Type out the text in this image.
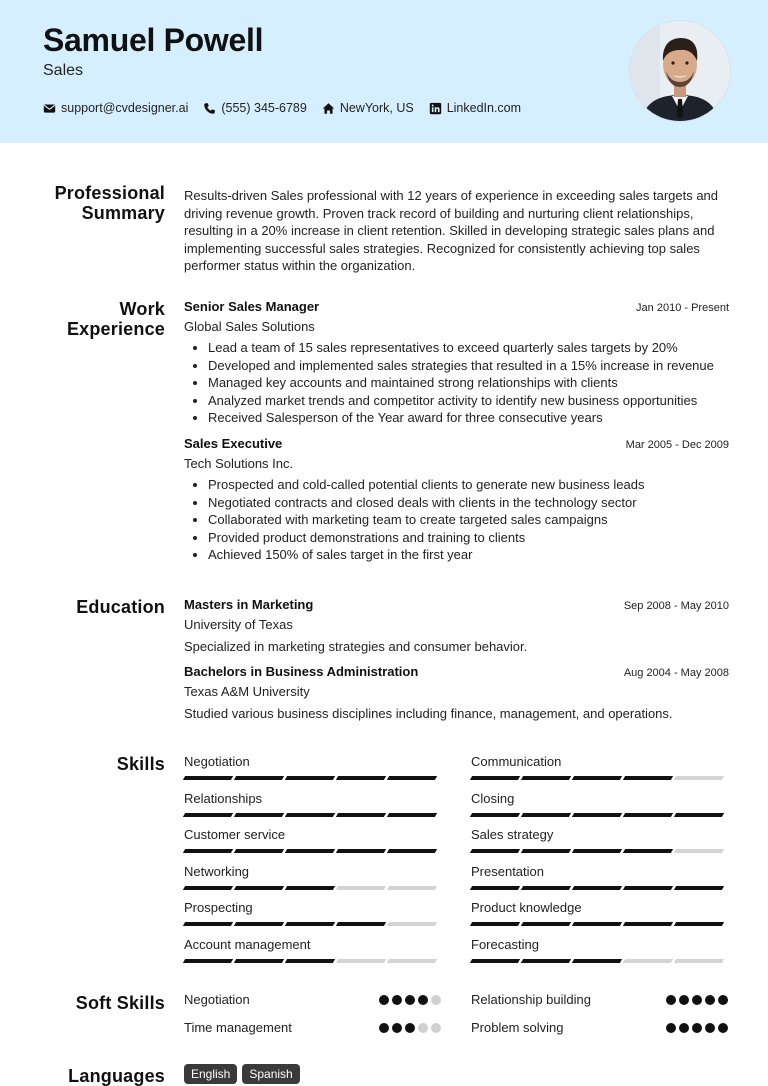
Samuel Powell
Sales
support@cvdesigner.ai	(555) 345-6789	NewYork, US	LinkedIn.com
Professional
Summary
Results-driven Sales professional with 12 years of experience in exceeding sales targets and driving revenue growth. Proven track record of building and nurturing client relationships, resulting in a 20% increase in client retention. Skilled in developing strategic sales plans and implementing successful sales strategies. Recognized for consistently achieving top sales performer status within the organization.
Work
Experience
Senior Sales Manager	Jan 2010 - Present
Global Sales Solutions
• Lead a team of 15 sales representatives to exceed quarterly sales targets by 20%
• Developed and implemented sales strategies that resulted in a 15% increase in revenue
• Managed key accounts and maintained strong relationships with clients
• Analyzed market trends and competitor activity to identify new business opportunities
• Received Salesperson of the Year award for three consecutive years
Sales Executive	Mar 2005 - Dec 2009
Tech Solutions Inc.
• Prospected and cold-called potential clients to generate new business leads
• Negotiated contracts and closed deals with clients in the technology sector
• Collaborated with marketing team to create targeted sales campaigns
• Provided product demonstrations and training to clients
• Achieved 150% of sales target in the first year
Education Masters in Marketing	Sep 2008 - May 2010
University of Texas
Specialized in marketing strategies and consumer behavior.
Bachelors in Business Administration	Aug 2004 - May 2008
Texas A&M University
Studied various business disciplines including finance, management, and operations.
Skills Negotiation	Communication
Relationships	Closing
Customer service	Sales strategy
Networking	Presentation
Prospecting	Product knowledge
Account management	Forecasting
Soft Skills Negotiation	Relationship building
Time management	Problem solving
Languages	English	Spanish
